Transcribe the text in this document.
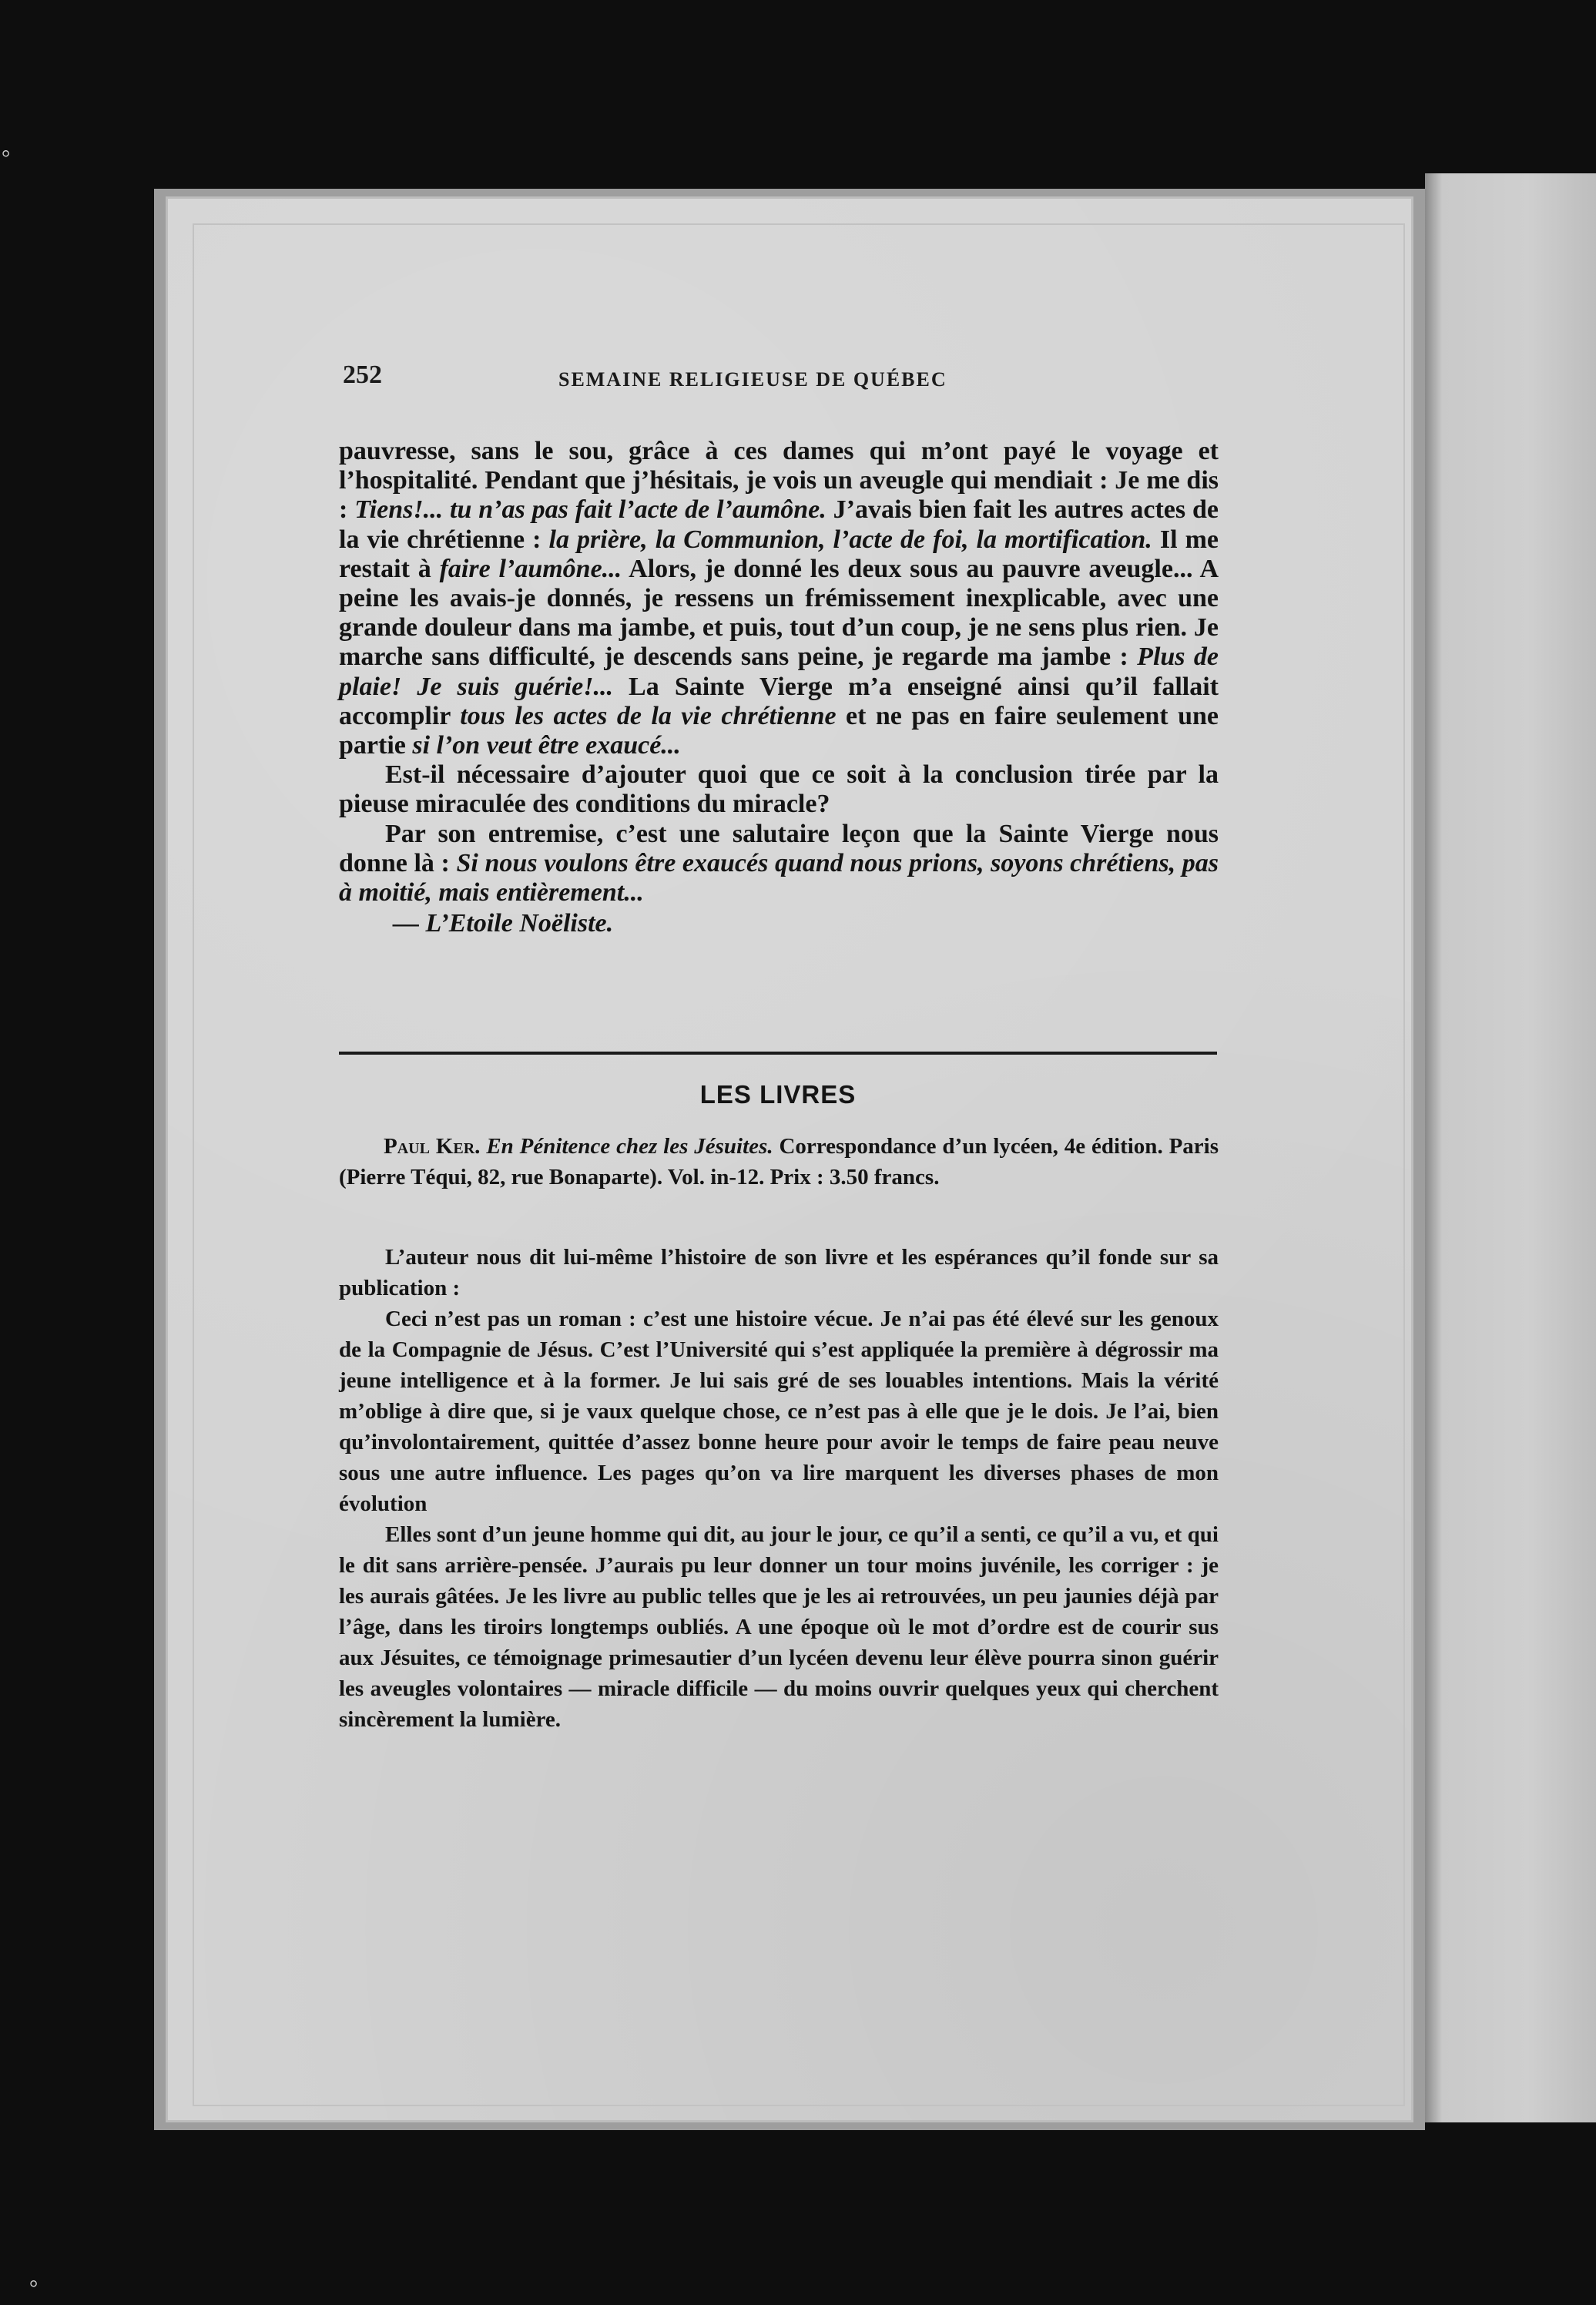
°
°
252	SEMAINE RELIGIEUSE DE QUÉBEC

pauvresse, sans le sou, grâce à ces dames qui m’ont payé le voyage et l’hospitalité. Pendant que j’hésitais, je vois un aveugle qui mendiait : Je me dis : Tiens!... tu n’as pas fait l’acte de l’aumône. J’avais bien fait les autres actes de la vie chrétienne : la prière, la Communion, l’acte de foi, la mortification. Il me restait à faire l’aumône... Alors, je donné les deux sous au pauvre aveugle... A peine les avais-je donnés, je ressens un frémissement inexplicable, avec une grande douleur dans ma jambe, et puis, tout d’un coup, je ne sens plus rien. Je marche sans difficulté, je descends sans peine, je regarde ma jambe : Plus de plaie! Je suis guérie!... La Sainte Vierge m’a enseigné ainsi qu’il fallait accomplir tous les actes de la vie chrétienne et ne pas en faire seulement une partie si l’on veut être exaucé...

Est-il nécessaire d’ajouter quoi que ce soit à la conclusion tirée par la pieuse miraculée des conditions du miracle?

Par son entremise, c’est une salutaire leçon que la Sainte Vierge nous donne là : Si nous voulons être exaucés quand nous prions, soyons chrétiens, pas à moitié, mais entièrement...

— L’Etoile Noëliste.

LES LIVRES

Paul Ker. En Pénitence chez les Jésuites. Correspondance d’un lycéen, 4e édition. Paris (Pierre Téqui, 82, rue Bonaparte). Vol. in-12. Prix : 3.50 francs.

L’auteur nous dit lui-même l’histoire de son livre et les espérances qu’il fonde sur sa publication :

Ceci n’est pas un roman : c’est une histoire vécue. Je n’ai pas été élevé sur les genoux de la Compagnie de Jésus. C’est l’Université qui s’est appliquée la première à dégrossir ma jeune intelligence et à la former. Je lui sais gré de ses louables intentions. Mais la vérité m’oblige à dire que, si je vaux quelque chose, ce n’est pas à elle que je le dois. Je l’ai, bien qu’involontairement, quittée d’assez bonne heure pour avoir le temps de faire peau neuve sous une autre influence. Les pages qu’on va lire marquent les diverses phases de mon évolution

Elles sont d’un jeune homme qui dit, au jour le jour, ce qu’il a senti, ce qu’il a vu, et qui le dit sans arrière-pensée. J’aurais pu leur donner un tour moins juvénile, les corriger : je les aurais gâtées. Je les livre au public telles que je les ai retrouvées, un peu jaunies déjà par l’âge, dans les tiroirs longtemps oubliés. A une époque où le mot d’ordre est de courir sus aux Jésuites, ce témoignage primesautier d’un lycéen devenu leur élève pourra sinon guérir les aveugles volontaires — miracle difficile — du moins ouvrir quelques yeux qui cherchent sincèrement la lumière.
